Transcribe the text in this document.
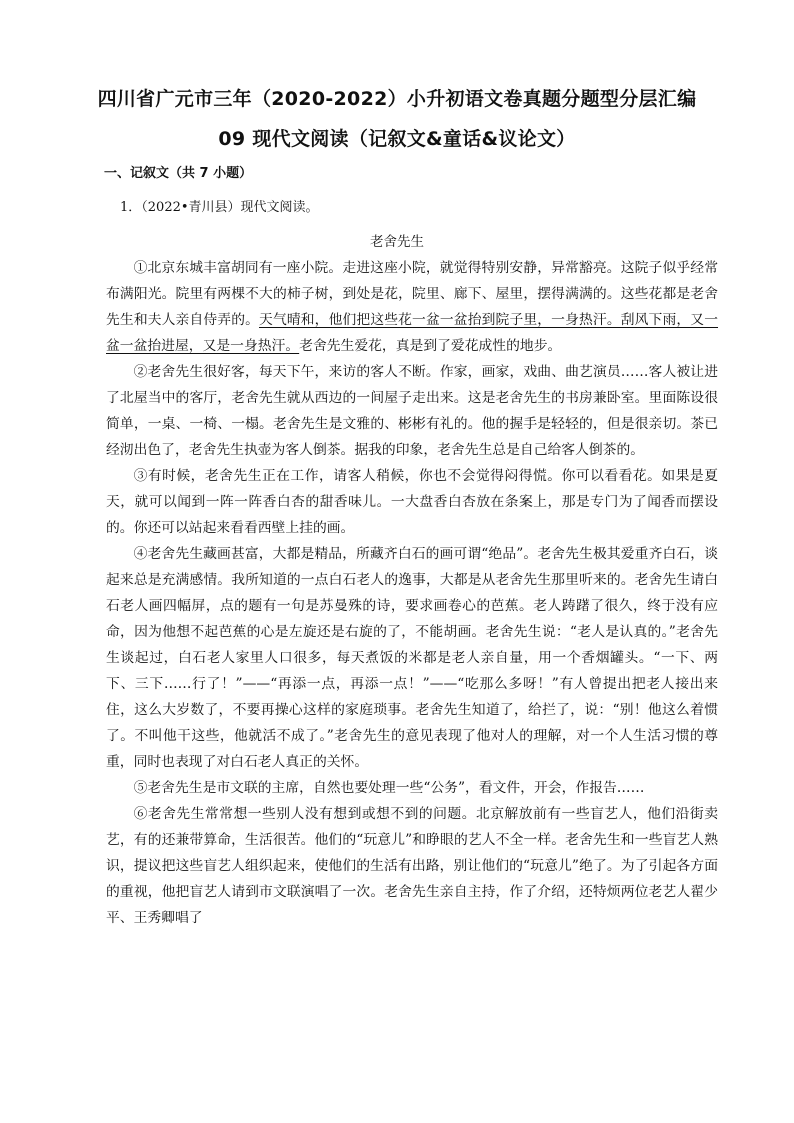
四川省广元市三年（2020-2022）小升初语文卷真题分题型分层汇编
09 现代文阅读（记叙文&童话&议论文）
一、记叙文（共 7 小题）
1．（2022•青川县）现代文阅读。
老舍先生

①北京东城丰富胡同有一座小院。走进这座小院，就觉得特别安静，异常豁亮。这院子似乎经常布满阳光。院里有两棵不大的柿子树，到处是花，院里、廊下、屋里，摆得满满的。这些花都是老舍先生和夫人亲自侍弄的。天气晴和，他们把这些花一盆一盆抬到院子里，一身热汗。刮风下雨，又一盆一盆抬进屋，又是一身热汗。老舍先生爱花，真是到了爱花成性的地步。

②老舍先生很好客，每天下午，来访的客人不断。作家，画家，戏曲、曲艺演员……客人被让进了北屋当中的客厅，老舍先生就从西边的一间屋子走出来。这是老舍先生的书房兼卧室。里面陈设很简单，一桌、一椅、一榻。老舍先生是文雅的、彬彬有礼的。他的握手是轻轻的，但是很亲切。茶已经沏出色了，老舍先生执壶为客人倒茶。据我的印象，老舍先生总是自己给客人倒茶的。

③有时候，老舍先生正在工作，请客人稍候，你也不会觉得闷得慌。你可以看看花。如果是夏天，就可以闻到一阵一阵香白杏的甜香味儿。一大盘香白杏放在条案上，那是专门为了闻香而摆设的。你还可以站起来看看西壁上挂的画。

④老舍先生藏画甚富，大都是精品，所藏齐白石的画可谓“绝品”。老舍先生极其爱重齐白石，谈起来总是充满感情。我所知道的一点白石老人的逸事，大都是从老舍先生那里听来的。老舍先生请白石老人画四幅屏，点的题有一句是苏曼殊的诗，要求画卷心的芭蕉。老人踌躇了很久，终于没有应命，因为他想不起芭蕉的心是左旋还是右旋的了，不能胡画。老舍先生说：“老人是认真的。”老舍先生谈起过，白石老人家里人口很多，每天煮饭的米都是老人亲自量，用一个香烟罐头。“一下、两下、三下……行了！”——“再添一点，再添一点！”——“吃那么多呀！”有人曾提出把老人接出来住，这么大岁数了，不要再操心这样的家庭琐事。老舍先生知道了，给拦了，说：“别！他这么着惯了。不叫他干这些，他就活不成了。”老舍先生的意见表现了他对人的理解，对一个人生活习惯的尊重，同时也表现了对白石老人真正的关怀。

⑤老舍先生是市文联的主席，自然也要处理一些“公务”，看文件，开会，作报告……

⑥老舍先生常常想一些别人没有想到或想不到的问题。北京解放前有一些盲艺人，他们沿街卖艺，有的还兼带算命，生活很苦。他们的“玩意儿”和睁眼的艺人不全一样。老舍先生和一些盲艺人熟识，提议把这些盲艺人组织起来，使他们的生活有出路，别让他们的“玩意儿”绝了。为了引起各方面的重视，他把盲艺人请到市文联演唱了一次。老舍先生亲自主持，作了介绍，还特烦两位老艺人翟少平、王秀卿唱了
